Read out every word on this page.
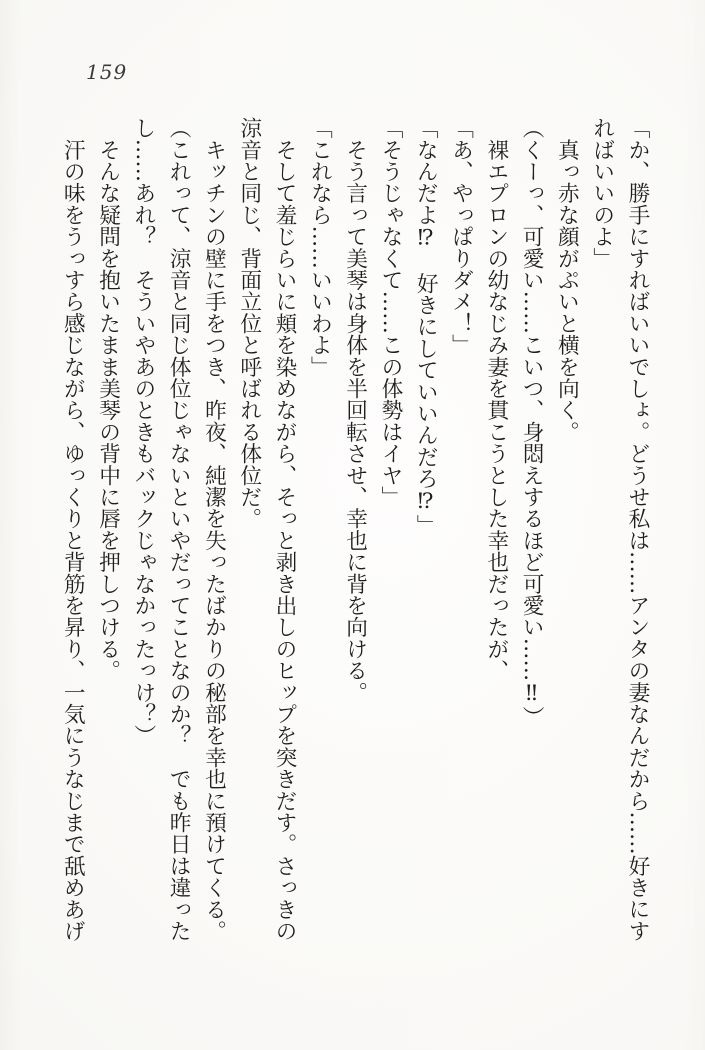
159
「か、勝手にすればいいでしょ。どうせ私は……アンタの妻なんだから……好きにす
ればいいのよ」
　真っ赤な顔がぷいと横を向く。
（くーっ、可愛い……こいつ、身悶えするほど可愛い……‼）
　裸エプロンの幼なじみ妻を貫こうとした幸也だったが、
「あ、やっぱりダメ！」
「なんだよ⁉　好きにしていいんだろ⁉」
「そうじゃなくて……この体勢はイヤ」
　そう言って美琴は身体を半回転させ、幸也に背を向ける。
「これなら……いいわよ」
　そして羞じらいに頬を染めながら、そっと剥き出しのヒップを突きだす。さっきの
涼音と同じ、背面立位と呼ばれる体位だ。
　キッチンの壁に手をつき、昨夜、純潔を失ったばかりの秘部を幸也に預けてくる。
（これって、涼音と同じ体位じゃないといやだってことなのか？　でも昨日は違った
し……あれ？　そういやあのときもバックじゃなかったっけ？）
　そんな疑問を抱いたまま美琴の背中に唇を押しつける。
　汗の味をうっすら感じながら、ゆっくりと背筋を昇り、一気にうなじまで舐めあげ
